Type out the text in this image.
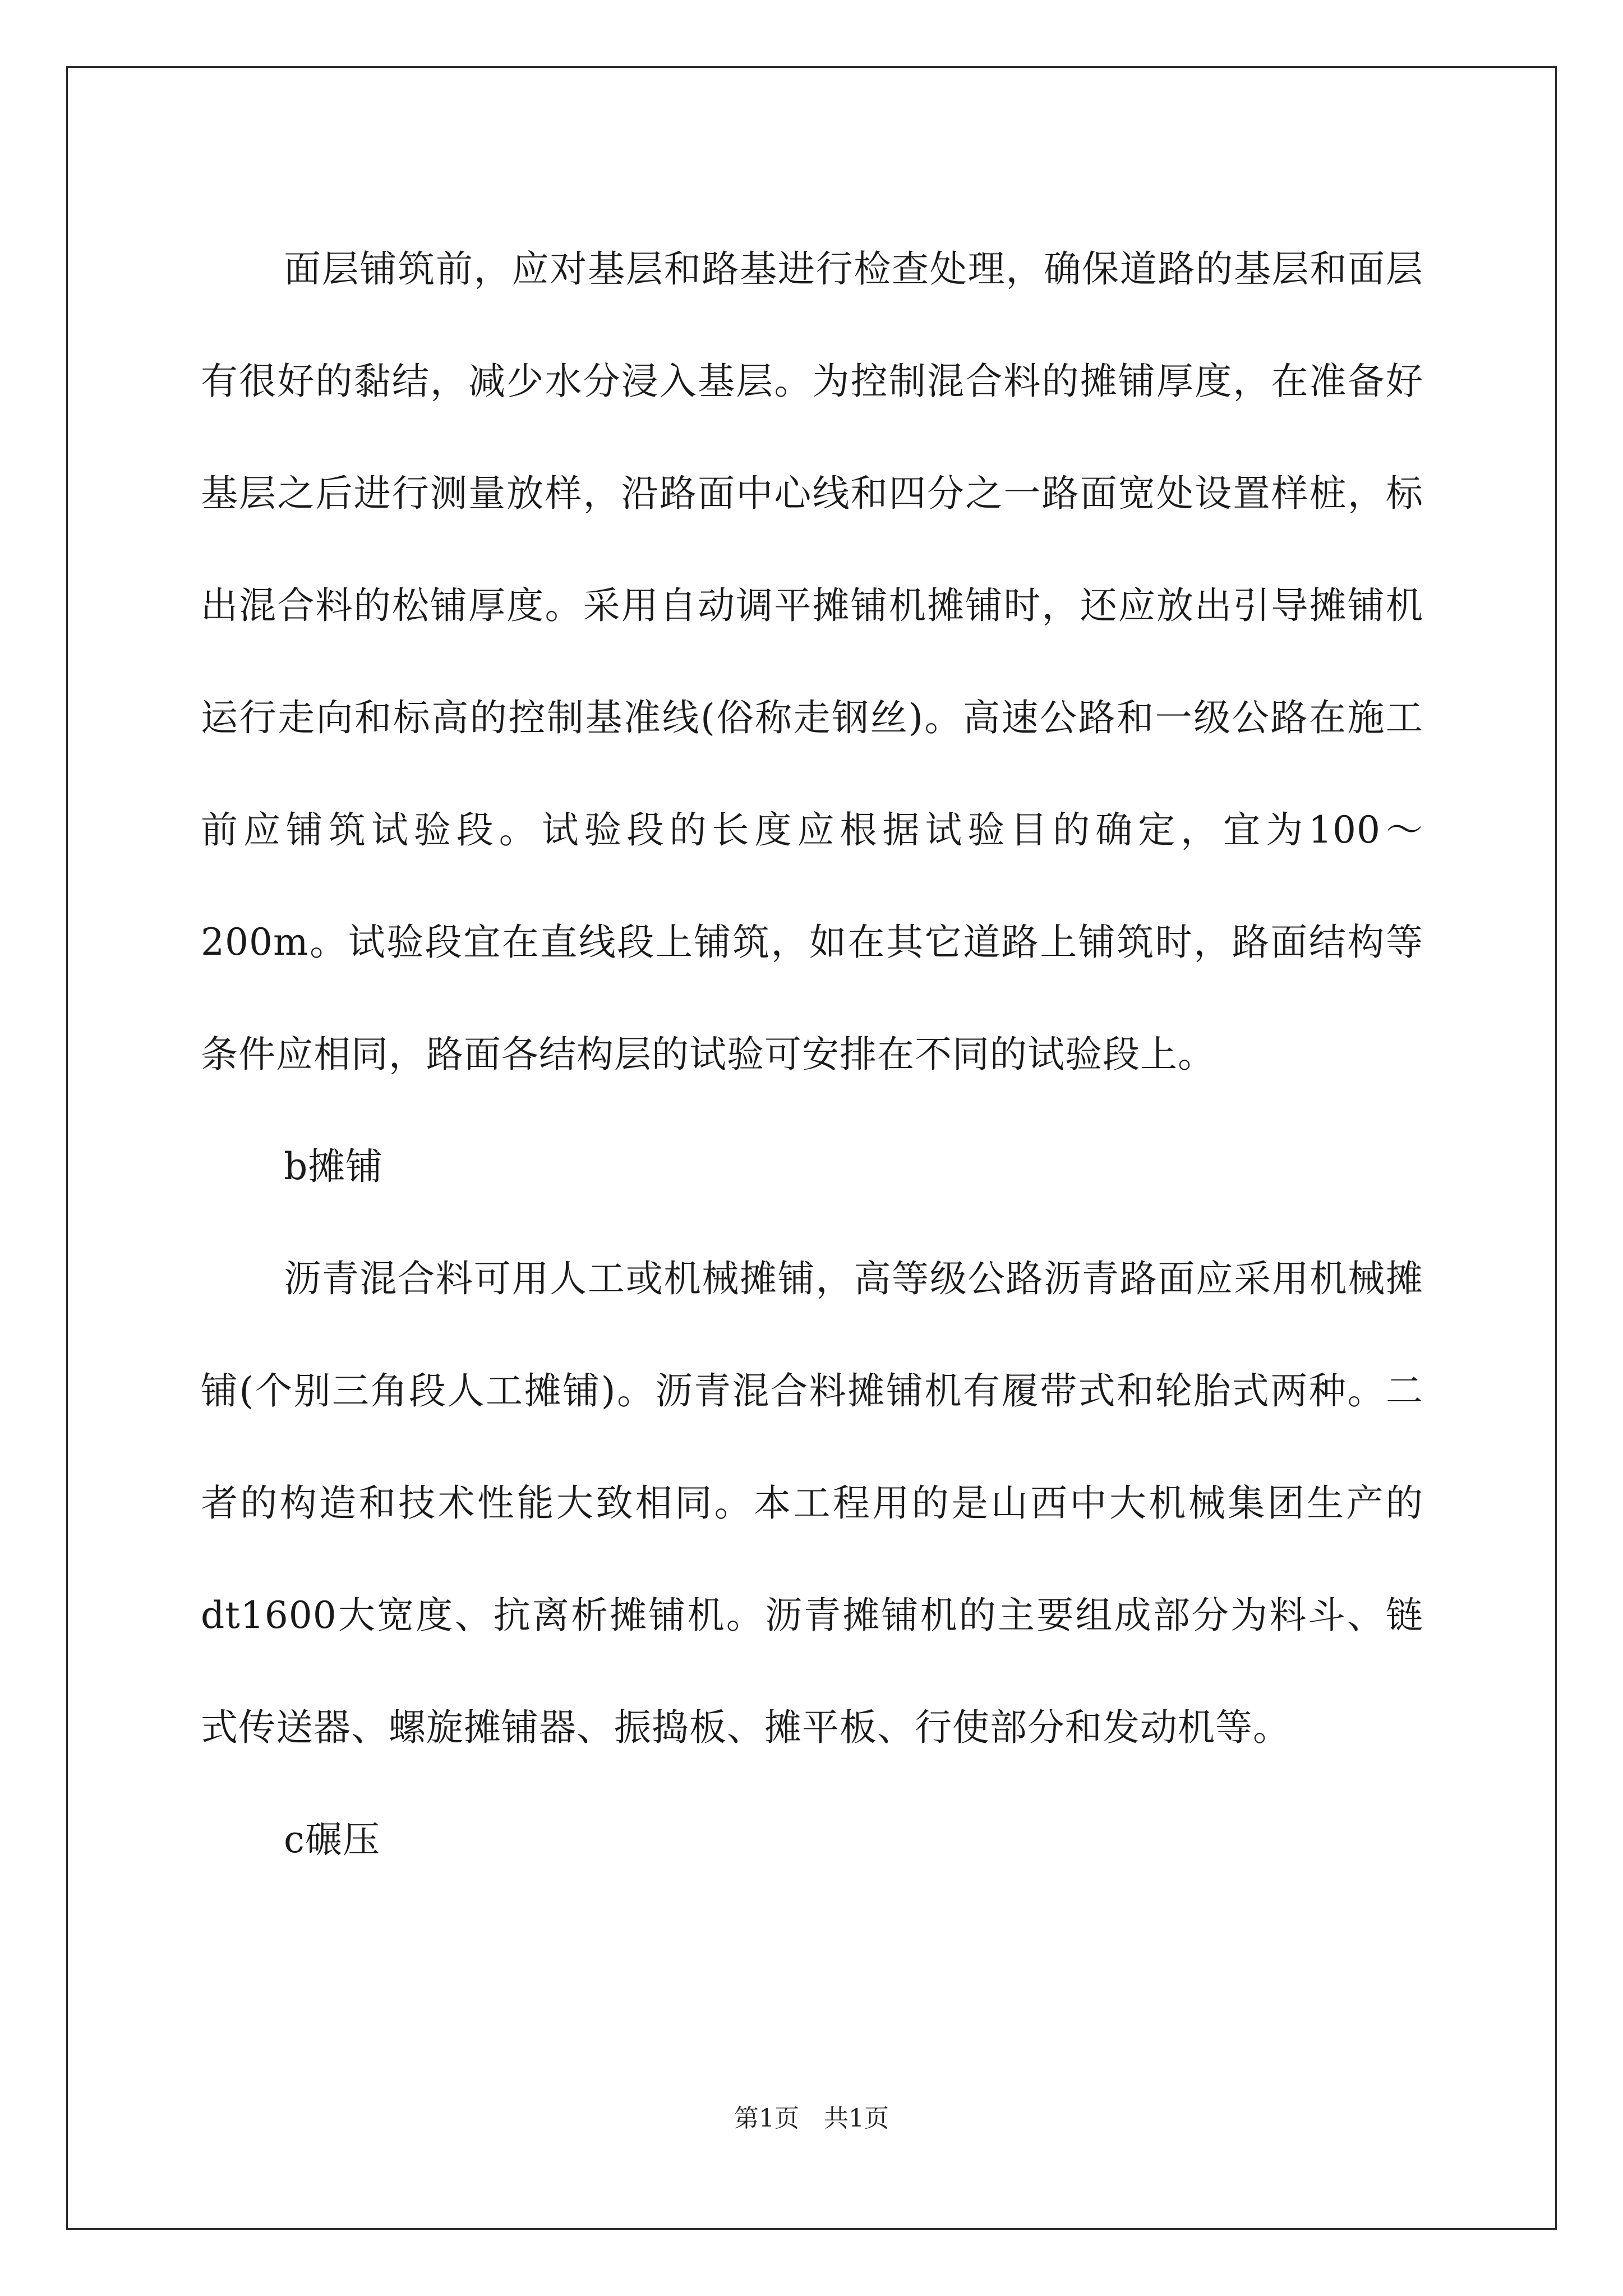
面层铺筑前，应对基层和路基进行检查处理，确保道路的基层和面层有很好的黏结，减少水分浸入基层。为控制混合料的摊铺厚度，在准备好基层之后进行测量放样，沿路面中心线和四分之一路面宽处设置样桩，标出混合料的松铺厚度。采用自动调平摊铺机摊铺时，还应放出引导摊铺机运行走向和标高的控制基准线(俗称走钢丝)。高速公路和一级公路在施工前应铺筑试验段。试验段的长度应根据试验目的确定，宜为100～200m。试验段宜在直线段上铺筑，如在其它道路上铺筑时，路面结构等条件应相同，路面各结构层的试验可安排在不同的试验段上。

b摊铺

沥青混合料可用人工或机械摊铺，高等级公路沥青路面应采用机械摊铺(个别三角段人工摊铺)。沥青混合料摊铺机有履带式和轮胎式两种。二者的构造和技术性能大致相同。本工程用的是山西中大机械集团生产的dt1600大宽度、抗离析摊铺机。沥青摊铺机的主要组成部分为料斗、链式传送器、螺旋摊铺器、振捣板、摊平板、行使部分和发动机等。

c碾压

第1页　共1页
